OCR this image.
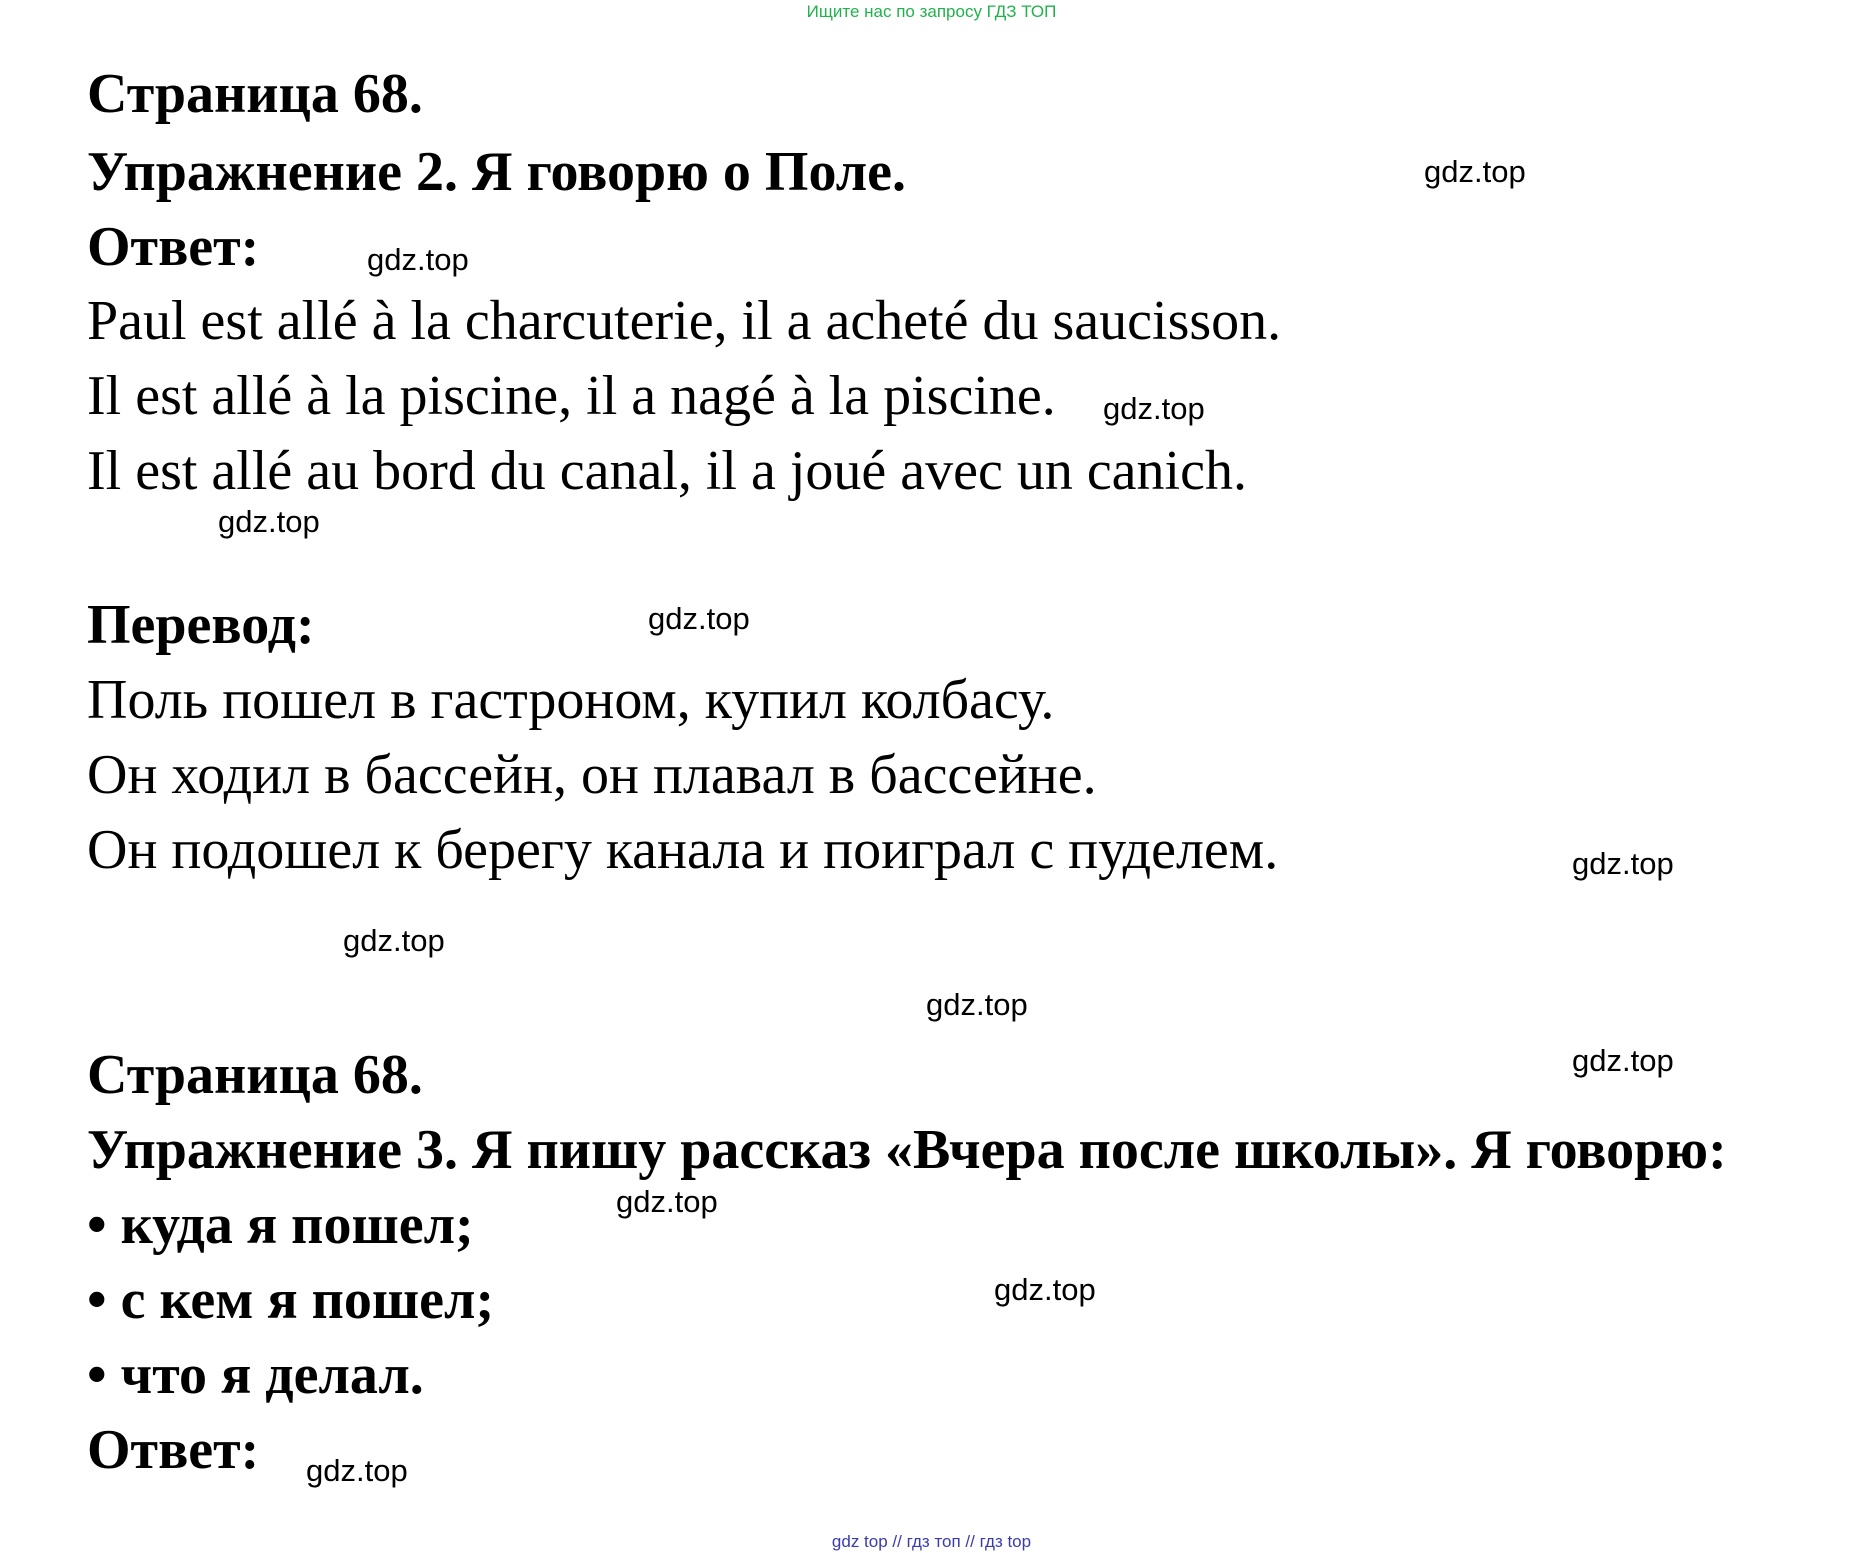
Ищите нас по запросу ГДЗ ТОП
Страница 68.
Упражнение 2. Я говорю о Поле.
Ответ:
Paul est allé à la charcuterie, il a acheté du saucisson.
Il est allé à la piscine, il a nagé à la piscine.
Il est allé au bord du canal, il a joué avec un canich.
Перевод:
Поль пошел в гастроном, купил колбасу.
Он ходил в бассейн, он плавал в бассейне.
Он подошел к берегу канала и поиграл с пуделем.
Страница 68.
Упражнение 3. Я пишу рассказ «Вчера после школы». Я говорю:
• куда я пошел;
• с кем я пошел;
• что я делал.
Ответ:
gdz.top
gdz.top
gdz.top
gdz.top
gdz.top
gdz.top
gdz.top
gdz.top
gdz.top
gdz.top
gdz.top
gdz.top
gdz top // гдз топ // гдз top
